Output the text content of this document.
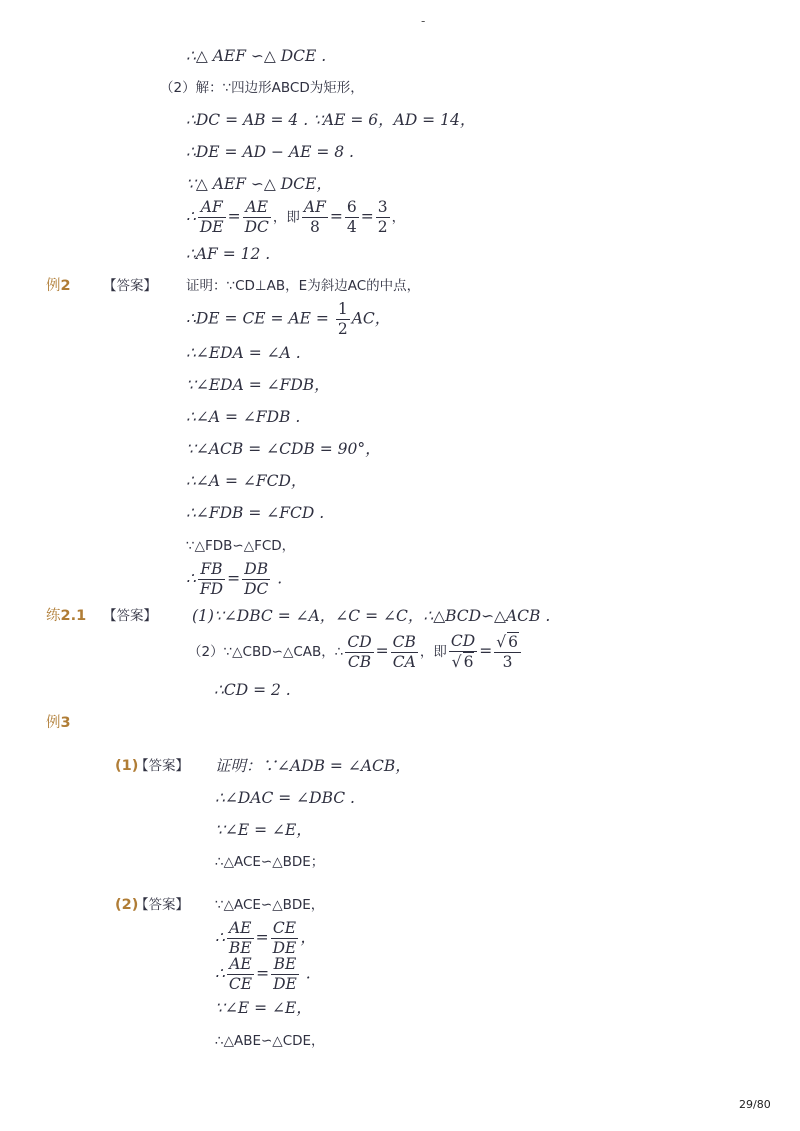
-
∴△ AEF ∽△ DCE .
（2）解：∵四边形ABCD为矩形，
∴DC = AB = 4 . ∵AE = 6，AD = 14，
∴DE = AD − AE = 8 .
∵△ AEF ∽△ DCE，
∴ $\frac{AF}{DE} = \frac{AE}{DC}$ ，即 $\frac{AF}{8} = \frac{6}{4} = \frac{3}{2}$ ，
∴AF = 12 .
例2 【答案】 证明：∵CD⊥AB，E为斜边AC的中点，
∴DE = CE = AE = $\frac{1}{2}$ AC，
∴∠EDA = ∠A .
∵∠EDA = ∠FDB，
∴∠A = ∠FDB .
∵∠ACB = ∠CDB = 90°，
∴∠A = ∠FCD，
∴∠FDB = ∠FCD .
∵△FDB∽△FCD，
∴ $\frac{FB}{FD} = \frac{DB}{DC}$ .
练2.1 【答案】 (1)∵∠DBC = ∠A，∠C = ∠C，∴△BCD∽△ACB .
（2）∵△CBD∽△CAB，∴ $\frac{CD}{CB} = \frac{CB}{CA}$ ，即 $\frac{CD}{√ 6} = \frac{√ 6}{3}$
∴CD = 2 .
例3
(1)
【答案】 证明：∵∠ADB = ∠ACB，
∴∠DAC = ∠DBC .
∵∠E = ∠E，
∴△ACE∽△BDE；
(2)
【答案】 ∵△ACE∽△BDE，
∴ $\frac{AE}{BE} = \frac{CE}{DE}$ ，
∴ $\frac{AE}{CE} = \frac{BE}{DE}$ .
∵∠E = ∠E，
∴△ABE∽△CDE，
29/80
